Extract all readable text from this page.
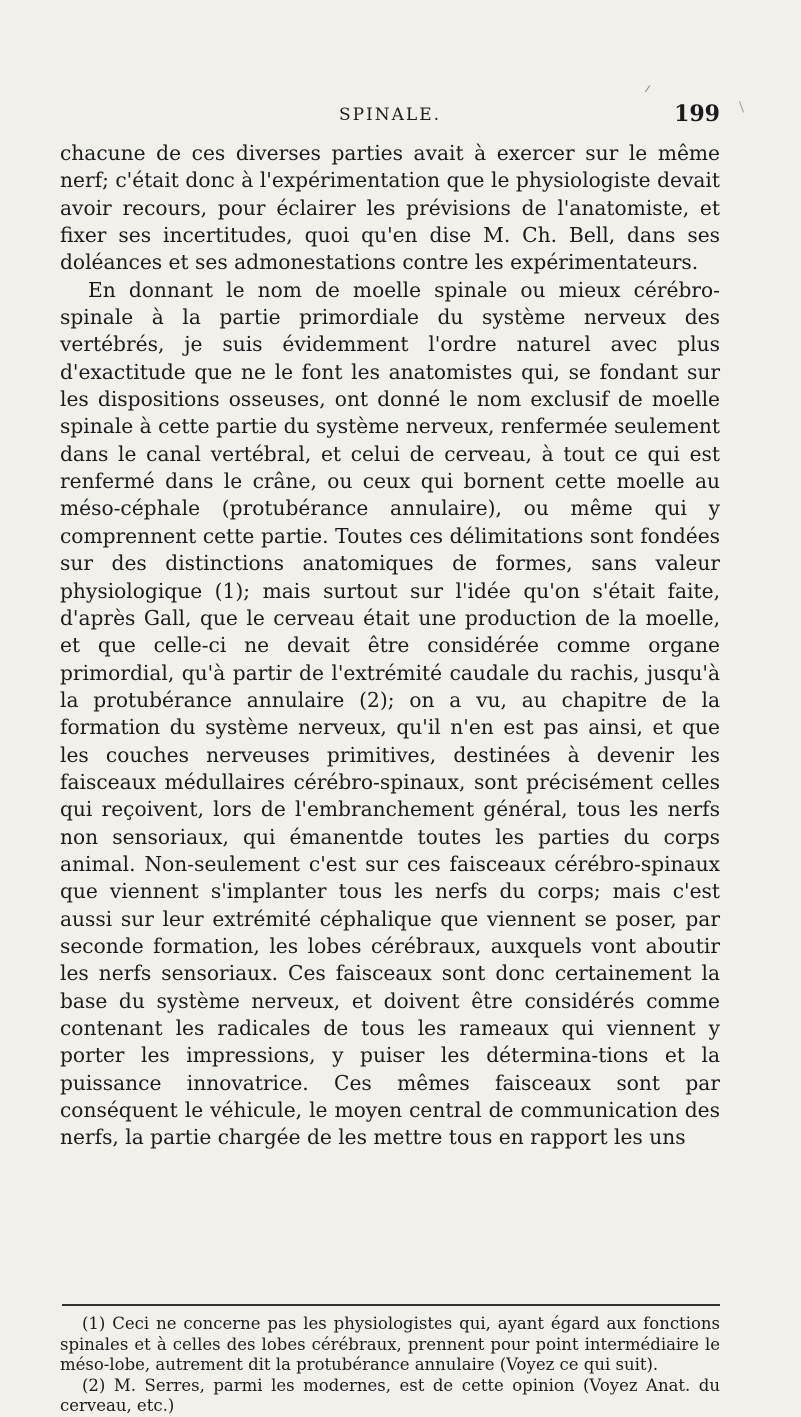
SPINALE.	199

chacune de ces diverses parties avait à exercer sur le même nerf; c'était donc à l'expérimentation que le physiologiste devait avoir recours, pour éclairer les prévisions de l'anatomiste, et fixer ses incertitudes, quoi qu'en dise M. Ch. Bell, dans ses doléances et ses admonestations contre les expérimentateurs.

En donnant le nom de moelle spinale ou mieux cérébro-spinale à la partie primordiale du système nerveux des vertébrés, je suis évidemment l'ordre naturel avec plus d'exactitude que ne le font les anatomistes qui, se fondant sur les dispositions osseuses, ont donné le nom exclusif de moelle spinale à cette partie du système nerveux, renfermée seulement dans le canal vertébral, et celui de cerveau, à tout ce qui est renfermé dans le crâne, ou ceux qui bornent cette moelle au méso-céphale (protubérance annulaire), ou même qui y comprennent cette partie. Toutes ces délimitations sont fondées sur des distinctions anatomiques de formes, sans valeur physiologique (1); mais surtout sur l'idée qu'on s'était faite, d'après Gall, que le cerveau était une production de la moelle, et que celle-ci ne devait être considérée comme organe primordial, qu'à partir de l'extrémité caudale du rachis, jusqu'à la protubérance annulaire (2); on a vu, au chapitre de la formation du système nerveux, qu'il n'en est pas ainsi, et que les couches nerveuses primitives, destinées à devenir les faisceaux médullaires cérébro-spinaux, sont précisément celles qui reçoivent, lors de l'embranchement général, tous les nerfs non sensoriaux, qui émanentde toutes les parties du corps animal. Non-seulement c'est sur ces faisceaux cérébro-spinaux que viennent s'implanter tous les nerfs du corps; mais c'est aussi sur leur extrémité céphalique que viennent se poser, par seconde formation, les lobes cérébraux, auxquels vont aboutir les nerfs sensoriaux. Ces faisceaux sont donc certainement la base du système nerveux, et doivent être considérés comme contenant les radicales de tous les rameaux qui viennent y porter les impressions, y puiser les détermina-tions et la puissance innovatrice. Ces mêmes faisceaux sont par conséquent le véhicule, le moyen central de communication des nerfs, la partie chargée de les mettre tous en rapport les uns

(1) Ceci ne concerne pas les physiologistes qui, ayant égard aux fonctions spinales et à celles des lobes cérébraux, prennent pour point intermédiaire le méso-lobe, autrement dit la protubérance annulaire (Voyez ce qui suit).

(2) M. Serres, parmi les modernes, est de cette opinion (Voyez Anat. du cerveau, etc.)
